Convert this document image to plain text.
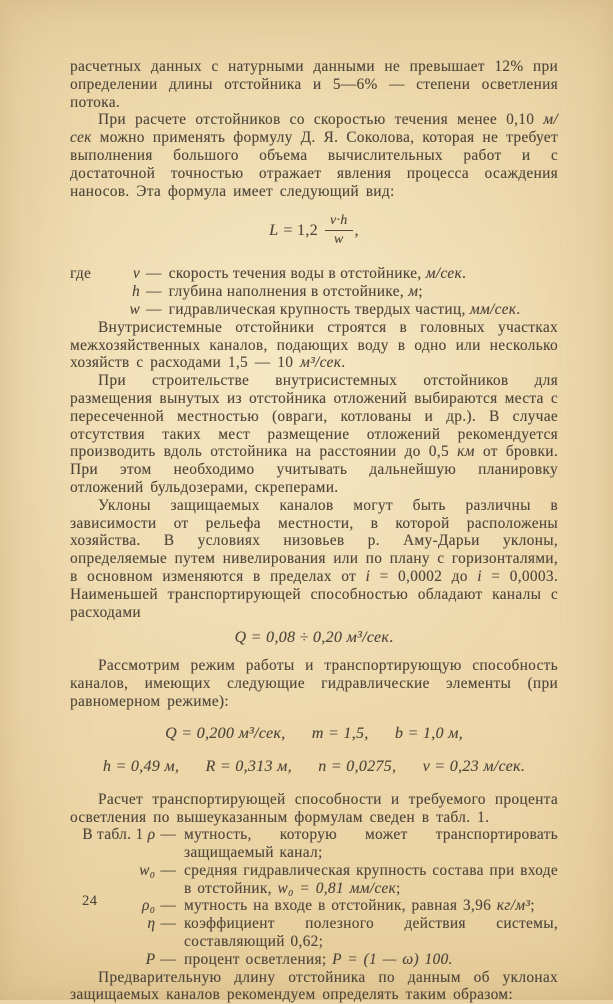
расчетных данных с натурными данными не превышает 12% при определении длины отстойника и 5—6% — степени осветления потока.

При расчете отстойников со скоростью течения менее 0,10 м/сек можно применять формулу Д. Я. Соколова, которая не требует выполнения большого объема вычислительных работ и с достаточной точностью отражает явления процесса осаждения наносов. Эта формула имеет следующий вид:

$L = 1,2 \frac{v\cdot h}{w}$ ,
где	v — скорость течения воды в отстойнике, м/сек.
h — глубина наполнения в отстойнике, м;
w — гидравлическая крупность твердых частиц, мм/сек.

Внутрисистемные отстойники строятся в головных участках межхозяйственных каналов, подающих воду в одно или несколько хозяйств с расходами 1,5 — 10 м³/сек.

При строительстве внутрисистемных отстойников для размещения вынутых из отстойника отложений выбираются места с пересеченной местностью (овраги, котлованы и др.). В случае отсутствия таких мест размещение отложений рекомендуется производить вдоль отстойника на расстоянии до 0,5 км от бровки. При этом необходимо учитывать дальнейшую планировку отложений бульдозерами, скреперами.

Уклоны защищаемых каналов могут быть различны в зависимости от рельефа местности, в которой расположены хозяйства. В условиях низовьев р. Аму-Дарьи уклоны, определяемые путем нивелирования или по плану с горизонталями, в основном изменяются в пределах от i = 0,0002 до i = 0,0003. Наименьшей транспортирующей способностью обладают каналы с расходами

Q = 0,08 ÷ 0,20 м³/сек.

Рассмотрим режим работы и транспортирующую способность каналов, имеющих следующие гидравлические элементы (при равномерном режиме):

Q = 0,200 м³/сек, m = 1,5, b = 1,0 м,
h = 0,49 м, R = 0,313 м, n = 0,0275, v = 0,23 м/сек.

Расчет транспортирующей способности и требуемого процента осветления по вышеуказанным формулам сведен в табл. 1.

В табл. 1 ρ — мутность, которую может транспортировать защищаемый канал;
w₀ — средняя гидравлическая крупность состава при входе в отстойник, w₀ = 0,81 мм/сек;
ρ₀ — мутность на входе в отстойник, равная 3,96 кг/м³;
η — коэффициент полезного действия системы, составляющий 0,62;
P — процент осветления; P = (1 — ω) 100.

Предварительную длину отстойника по данным об уклонах защищаемых каналов рекомендуем определять таким образом:

24
